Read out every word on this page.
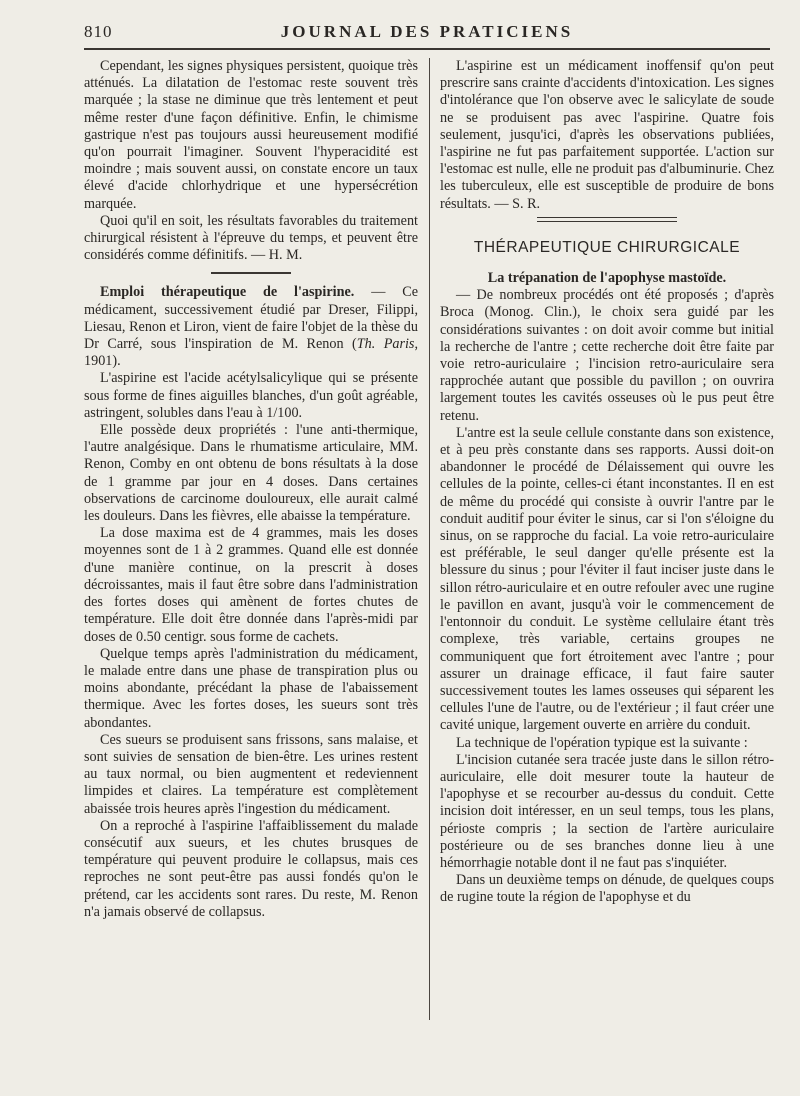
810	JOURNAL DES PRATICIENS

Cependant, les signes physiques persistent, quoique très atténués. La dilatation de l'estomac reste souvent très marquée ; la stase ne diminue que très lentement et peut même rester d'une façon définitive. Enfin, le chimisme gastrique n'est pas toujours aussi heureusement modifié qu'on pourrait l'imaginer. Souvent l'hyperacidité est moindre ; mais souvent aussi, on constate encore un taux élevé d'acide chlorhydrique et une hypersécrétion marquée.

Quoi qu'il en soit, les résultats favorables du traitement chirurgical résistent à l'épreuve du temps, et peuvent être considérés comme définitifs. — H. M.

Emploi thérapeutique de l'aspirine. — Ce médicament, successivement étudié par Dreser, Filippi, Liesau, Renon et Liron, vient de faire l'objet de la thèse du Dr Carré, sous l'inspiration de M. Renon (Th. Paris, 1901).

L'aspirine est l'acide acétylsalicylique qui se présente sous forme de fines aiguilles blanches, d'un goût agréable, astringent, solubles dans l'eau à 1/100.

Elle possède deux propriétés : l'une anti-thermique, l'autre analgésique. Dans le rhumatisme articulaire, MM. Renon, Comby en ont obtenu de bons résultats à la dose de 1 gramme par jour en 4 doses. Dans certaines observations de carcinome douloureux, elle aurait calmé les douleurs. Dans les fièvres, elle abaisse la température.

La dose maxima est de 4 grammes, mais les doses moyennes sont de 1 à 2 grammes. Quand elle est donnée d'une manière continue, on la prescrit à doses décroissantes, mais il faut être sobre dans l'administration des fortes doses qui amènent de fortes chutes de température. Elle doit être donnée dans l'après-midi par doses de 0.50 centigr. sous forme de cachets.

Quelque temps après l'administration du médicament, le malade entre dans une phase de transpiration plus ou moins abondante, précédant la phase de l'abaissement thermique. Avec les fortes doses, les sueurs sont très abondantes.

Ces sueurs se produisent sans frissons, sans malaise, et sont suivies de sensation de bien-être. Les urines restent au taux normal, ou bien augmentent et redeviennent limpides et claires. La température est complètement abaissée trois heures après l'ingestion du médicament.

On a reproché à l'aspirine l'affaiblissement du malade consécutif aux sueurs, et les chutes brusques de température qui peuvent produire le collapsus, mais ces reproches ne sont peut-être pas aussi fondés qu'on le prétend, car les accidents sont rares. Du reste, M. Renon n'a jamais observé de collapsus.

L'aspirine est un médicament inoffensif qu'on peut prescrire sans crainte d'accidents d'intoxication. Les signes d'intolérance que l'on observe avec le salicylate de soude ne se produisent pas avec l'aspirine. Quatre fois seulement, jusqu'ici, d'après les observations publiées, l'aspirine ne fut pas parfaitement supportée. L'action sur l'estomac est nulle, elle ne produit pas d'albuminurie. Chez les tuberculeux, elle est susceptible de produire de bons résultats. — S. R.

THÉRAPEUTIQUE CHIRURGICALE

La trépanation de l'apophyse mastoïde.

— De nombreux procédés ont été proposés ; d'après Broca (Monog. Clin.), le choix sera guidé par les considérations suivantes : on doit avoir comme but initial la recherche de l'antre ; cette recherche doit être faite par voie retro-auriculaire ; l'incision retro-auriculaire sera rapprochée autant que possible du pavillon ; on ouvrira largement toutes les cavités osseuses où le pus peut être retenu.

L'antre est la seule cellule constante dans son existence, et à peu près constante dans ses rapports. Aussi doit-on abandonner le procédé de Délaissement qui ouvre les cellules de la pointe, celles-ci étant inconstantes. Il en est de même du procédé qui consiste à ouvrir l'antre par le conduit auditif pour éviter le sinus, car si l'on s'éloigne du sinus, on se rapproche du facial. La voie retro-auriculaire est préférable, le seul danger qu'elle présente est la blessure du sinus ; pour l'éviter il faut inciser juste dans le sillon rétro-auriculaire et en outre refouler avec une rugine le pavillon en avant, jusqu'à voir le commencement de l'entonnoir du conduit. Le système cellulaire étant très complexe, très variable, certains groupes ne communiquent que fort étroitement avec l'antre ; pour assurer un drainage efficace, il faut faire sauter successivement toutes les lames osseuses qui séparent les cellules l'une de l'autre, ou de l'extérieur ; il faut créer une cavité unique, largement ouverte en arrière du conduit.

La technique de l'opération typique est la suivante :

L'incision cutanée sera tracée juste dans le sillon rétro-auriculaire, elle doit mesurer toute la hauteur de l'apophyse et se recourber au-dessus du conduit. Cette incision doit intéresser, en un seul temps, tous les plans, périoste compris ; la section de l'artère auriculaire postérieure ou de ses branches donne lieu à une hémorrhagie notable dont il ne faut pas s'inquiéter.

Dans un deuxième temps on dénude, de quelques coups de rugine toute la région de l'apophyse et du
